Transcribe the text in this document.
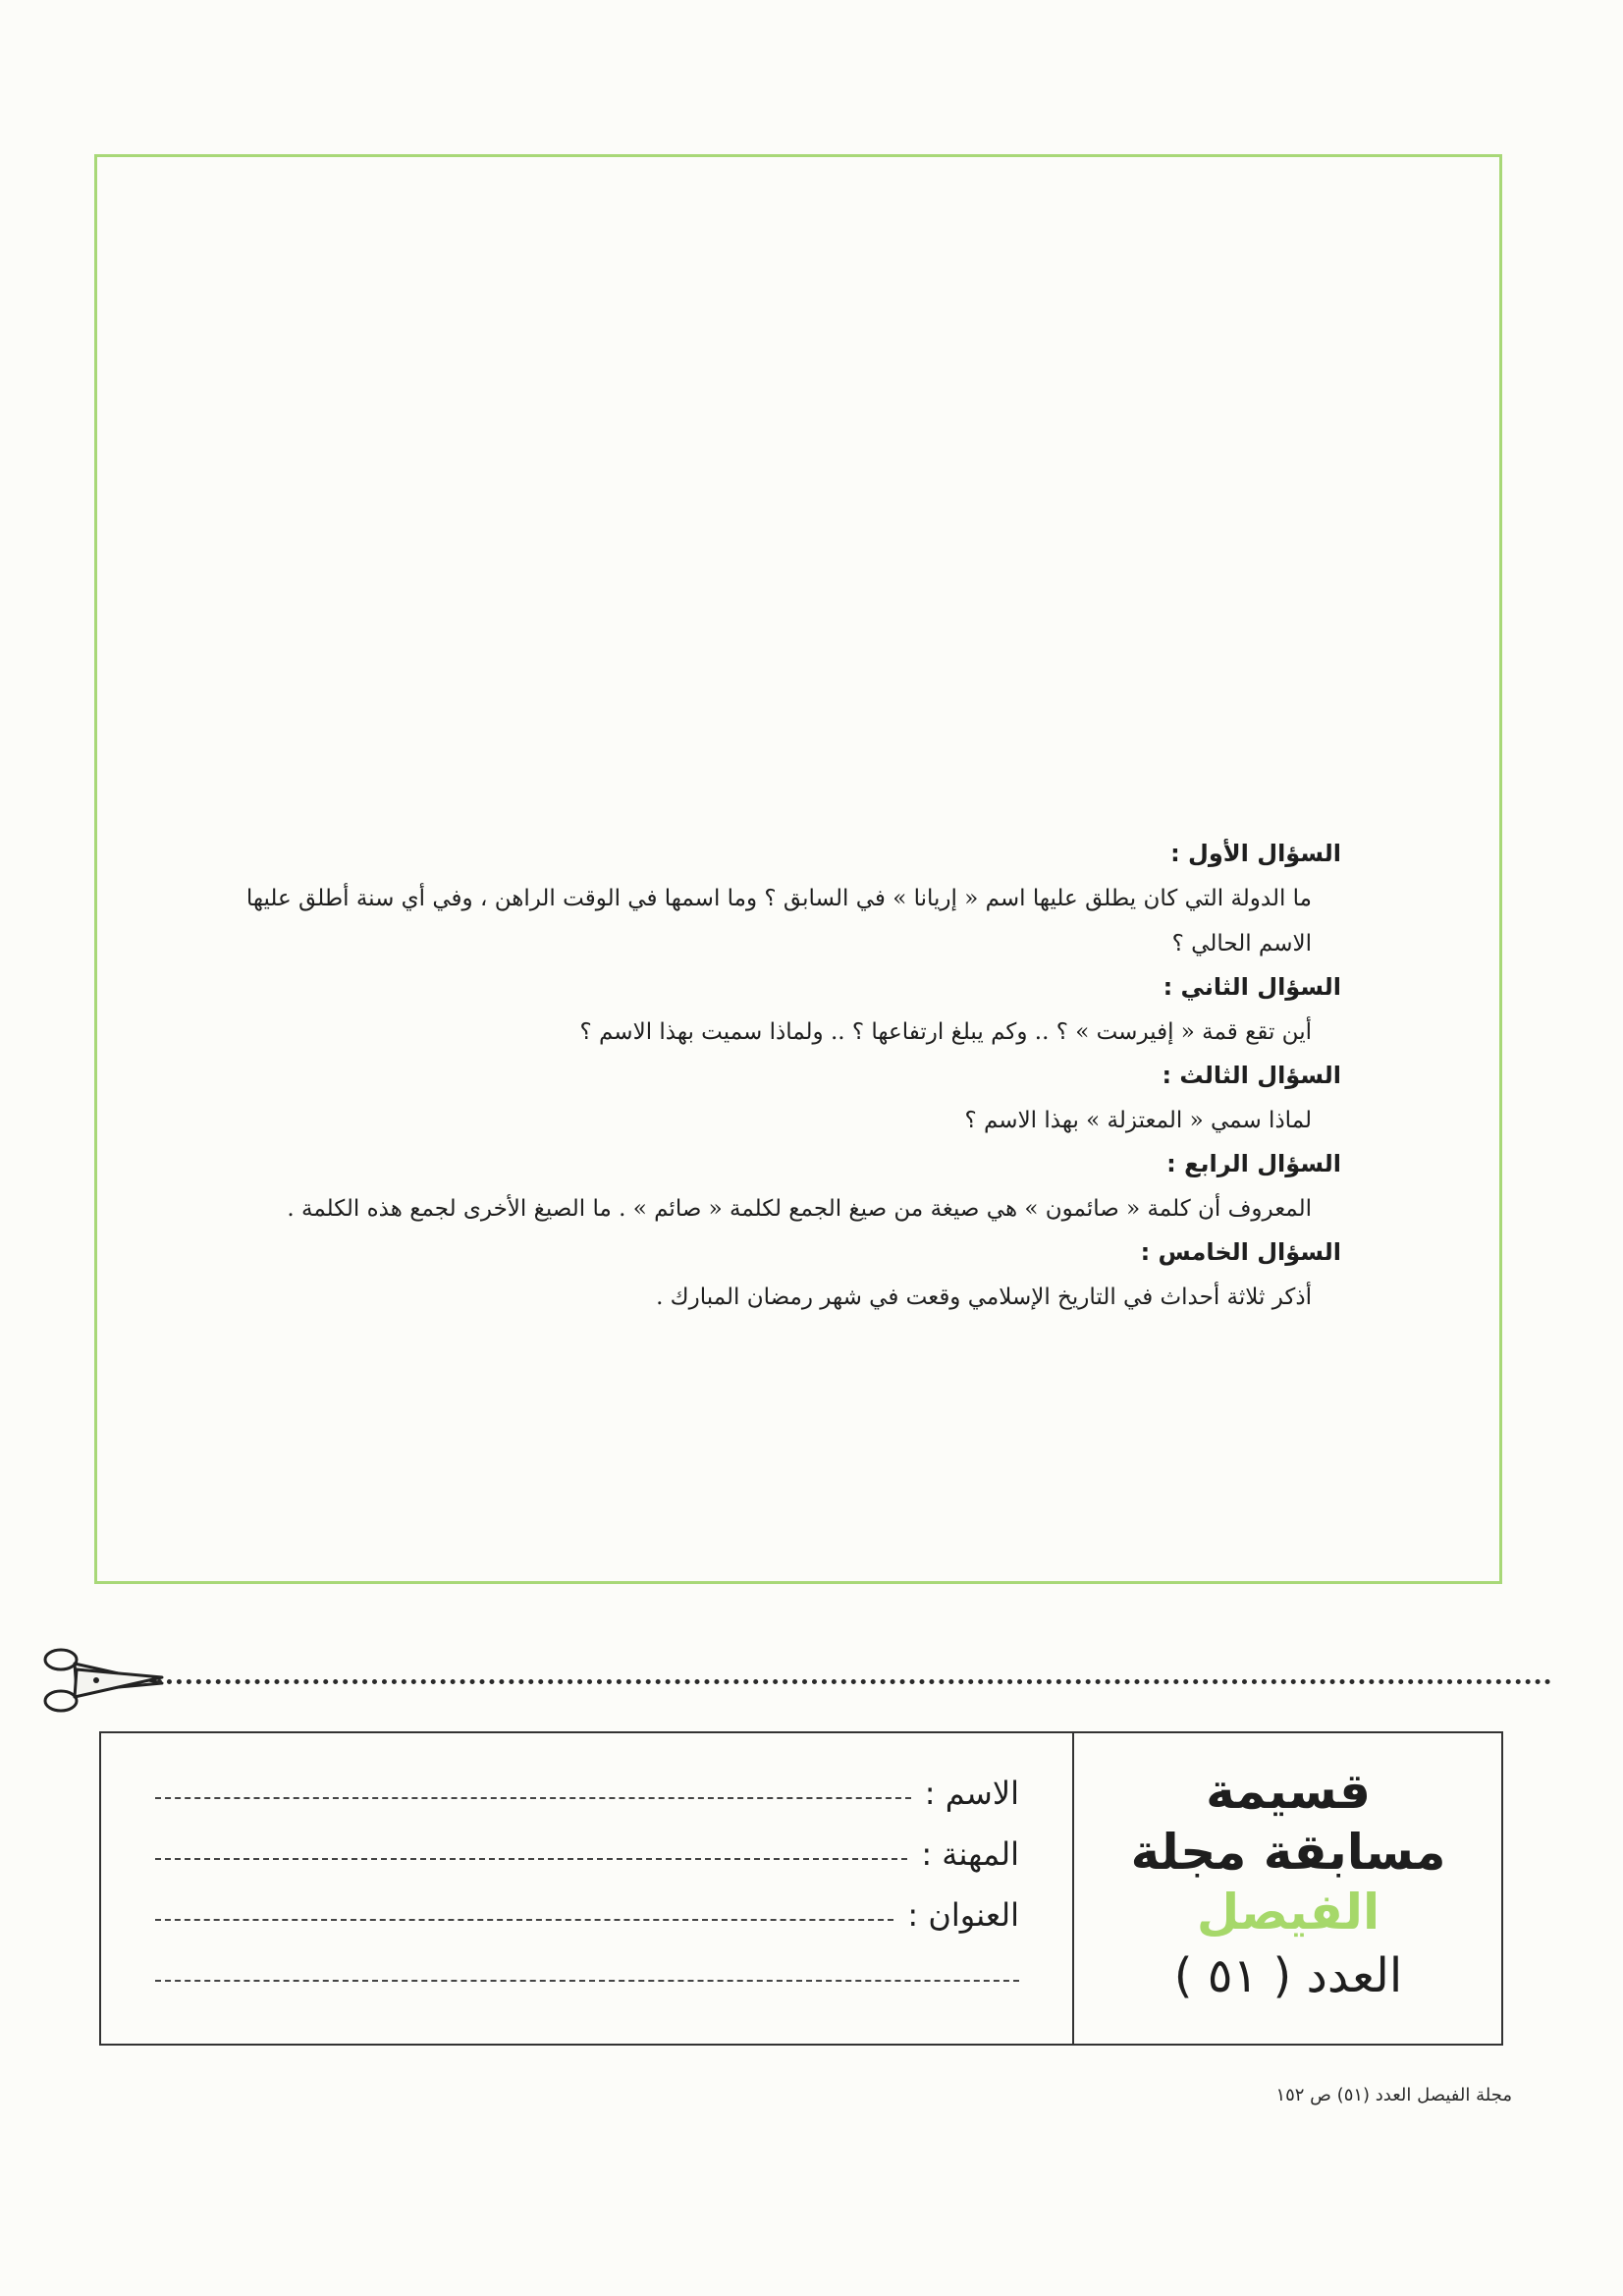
السؤال الأول :

ما الدولة التي كان يطلق عليها اسم « إريانا » في السابق ؟ وما اسمها في الوقت الراهن ، وفي أي سنة أطلق عليها الاسم الحالي ؟

السؤال الثاني :

أين تقع قمة « إفيرست » ؟ .. وكم يبلغ ارتفاعها ؟ .. ولماذا سميت بهذا الاسم ؟

السؤال الثالث :

لماذا سمي « المعتزلة » بهذا الاسم ؟

السؤال الرابع :

المعروف أن كلمة « صائمون » هي صيغة من صيغ الجمع لكلمة « صائم » . ما الصيغ الأخرى لجمع هذه الكلمة .

السؤال الخامس :

أذكر ثلاثة أحداث في التاريخ الإسلامي وقعت في شهر رمضان المبارك .

الاسم :
المهنة :
العنوان :

قسيمة

مسابقة مجلة

الفيصل

العدد ( ٥١ )

مجلة الفيصل العدد (٥١) ص ١٥٢
